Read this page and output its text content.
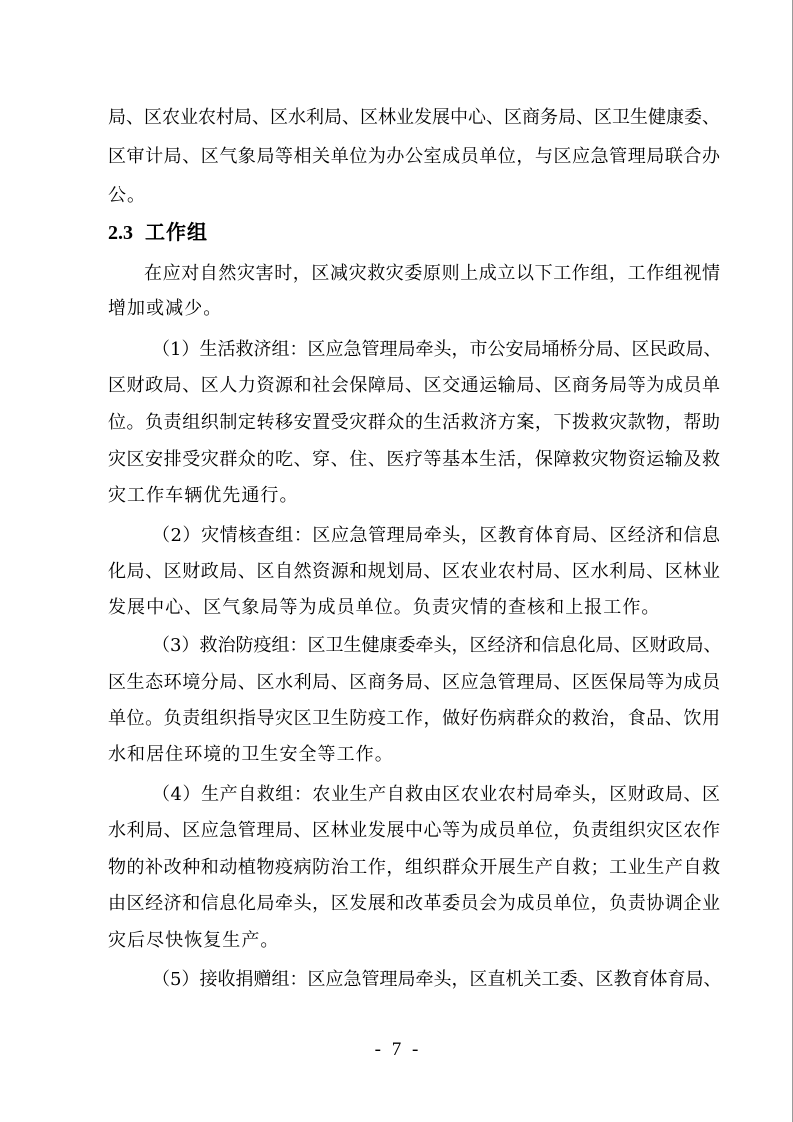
局、区农业农村局、区水利局、区林业发展中心、区商务局、区卫生健康委、
区审计局、区气象局等相关单位为办公室成员单位，与区应急管理局联合办
公。
2.3 工作组
在应对自然灾害时，区减灾救灾委原则上成立以下工作组，工作组视情
增加或减少。
（1）生活救济组：区应急管理局牵头，市公安局埇桥分局、区民政局、
区财政局、区人力资源和社会保障局、区交通运输局、区商务局等为成员单
位。负责组织制定转移安置受灾群众的生活救济方案，下拨救灾款物，帮助
灾区安排受灾群众的吃、穿、住、医疗等基本生活，保障救灾物资运输及救
灾工作车辆优先通行。
（2）灾情核查组：区应急管理局牵头，区教育体育局、区经济和信息
化局、区财政局、区自然资源和规划局、区农业农村局、区水利局、区林业
发展中心、区气象局等为成员单位。负责灾情的查核和上报工作。
（3）救治防疫组：区卫生健康委牵头，区经济和信息化局、区财政局、
区生态环境分局、区水利局、区商务局、区应急管理局、区医保局等为成员
单位。负责组织指导灾区卫生防疫工作，做好伤病群众的救治，食品、饮用
水和居住环境的卫生安全等工作。
（4）生产自救组：农业生产自救由区农业农村局牵头，区财政局、区
水利局、区应急管理局、区林业发展中心等为成员单位，负责组织灾区农作
物的补改种和动植物疫病防治工作，组织群众开展生产自救；工业生产自救
由区经济和信息化局牵头，区发展和改革委员会为成员单位，负责协调企业
灾后尽快恢复生产。
（5）接收捐赠组：区应急管理局牵头，区直机关工委、区教育体育局、
- 7 -
